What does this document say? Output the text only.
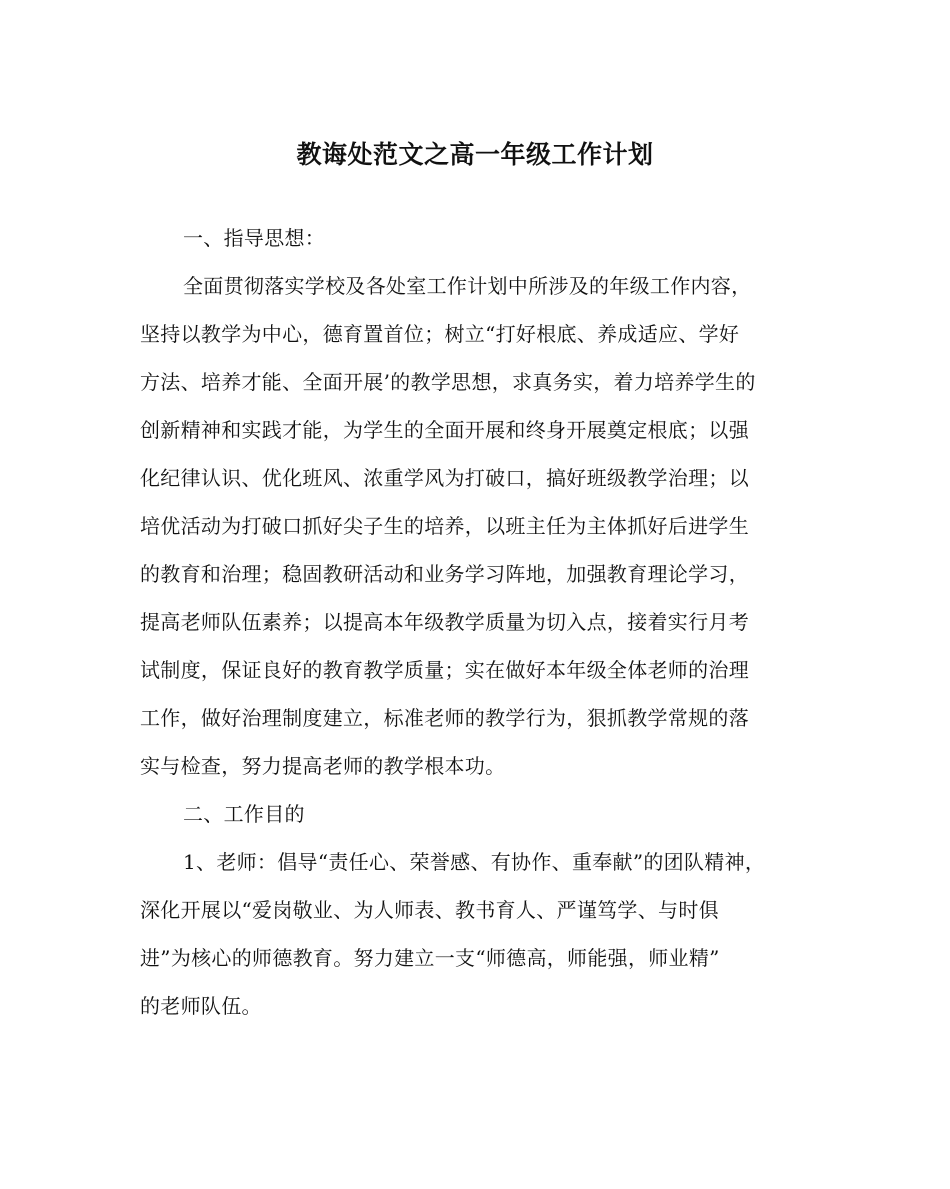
教诲处范文之高一年级工作计划
一、指导思想：
全面贯彻落实学校及各处室工作计划中所涉及的年级工作内容，
坚持以教学为中心，德育置首位；树立“打好根底、养成适应、学好
方法、培养才能、全面开展’的教学思想，求真务实，着力培养学生的
创新精神和实践才能，为学生的全面开展和终身开展奠定根底；以强
化纪律认识、优化班风、浓重学风为打破口，搞好班级教学治理；以
培优活动为打破口抓好尖子生的培养，以班主任为主体抓好后进学生
的教育和治理；稳固教研活动和业务学习阵地，加强教育理论学习，
提高老师队伍素养；以提高本年级教学质量为切入点，接着实行月考
试制度，保证良好的教育教学质量；实在做好本年级全体老师的治理
工作，做好治理制度建立，标准老师的教学行为，狠抓教学常规的落
实与检查，努力提高老师的教学根本功。
二、工作目的
1、老师：倡导“责任心、荣誉感、有协作、重奉献”的团队精神，
深化开展以“爱岗敬业、为人师表、教书育人、严谨笃学、与时俱
进”为核心的师德教育。努力建立一支“师德高，师能强，师业精”
的老师队伍。
